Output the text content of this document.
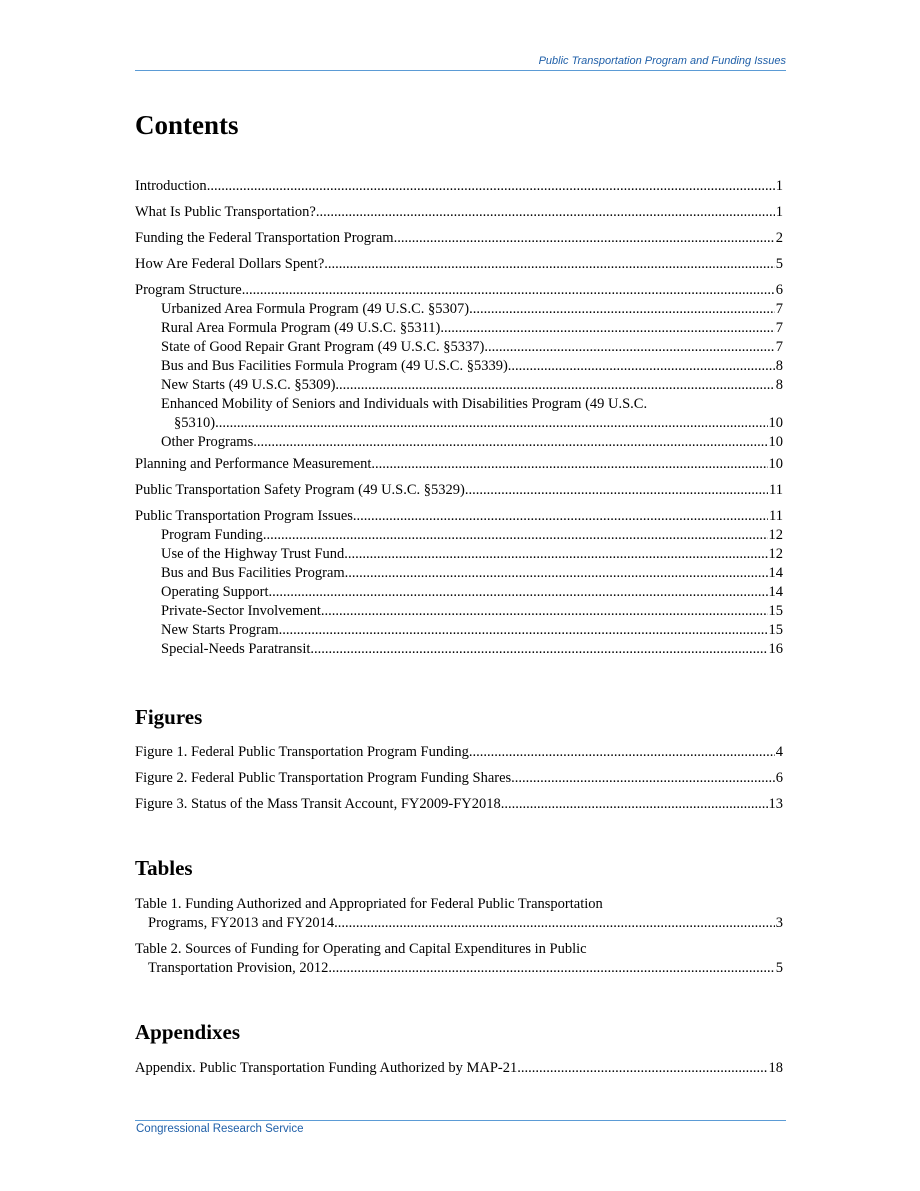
Public Transportation Program and Funding Issues
Contents
Introduction .....	1
What Is Public Transportation? .....	1
Funding the Federal Transportation Program .....	2
How Are Federal Dollars Spent? .....	5
Program Structure .....	6
Urbanized Area Formula Program (49 U.S.C. §5307) .....	7
Rural Area Formula Program (49 U.S.C. §5311) .....	7
State of Good Repair Grant Program (49 U.S.C. §5337) .....	7
Bus and Bus Facilities Formula Program (49 U.S.C. §5339) .....	8
New Starts (49 U.S.C. §5309) .....	8
Enhanced Mobility of Seniors and Individuals with Disabilities Program (49 U.S.C.
§5310) .....	10
Other Programs .....	10
Planning and Performance Measurement .....	10
Public Transportation Safety Program (49 U.S.C. §5329) .....	11
Public Transportation Program Issues .....	11
Program Funding .....	12
Use of the Highway Trust Fund .....	12
Bus and Bus Facilities Program .....	14
Operating Support .....	14
Private-Sector Involvement .....	15
New Starts Program .....	15
Special-Needs Paratransit .....	16
Figures
Figure 1. Federal Public Transportation Program Funding .....	4
Figure 2. Federal Public Transportation Program Funding Shares .....	6
Figure 3. Status of the Mass Transit Account, FY2009-FY2018 .....	13
Tables
Table 1. Funding Authorized and Appropriated for Federal Public Transportation
Programs, FY2013 and FY2014 .....	3
Table 2. Sources of Funding for Operating and Capital Expenditures in Public
Transportation Provision, 2012 .....	5
Appendixes
Appendix. Public Transportation Funding Authorized by MAP-21 .....	18
Congressional Research Service
